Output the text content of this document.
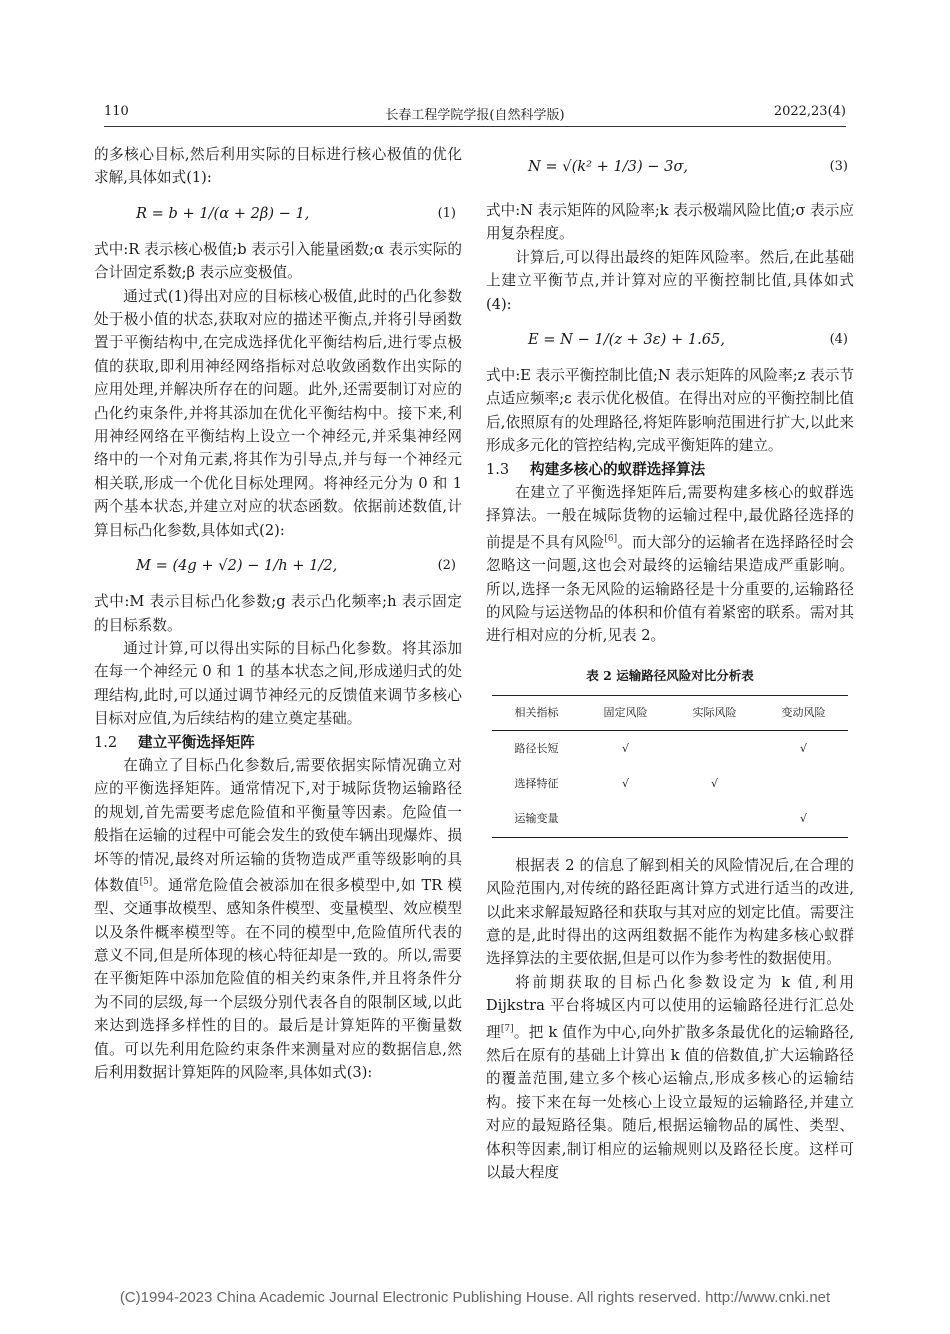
110	长春工程学院学报(自然科学版)	2022,23(4)

的多核心目标,然后利用实际的目标进行核心极值的优化求解,具体如式(1):

R = b + 1/(α + 2β) − 1,	(1)

式中:R 表示核心极值;b 表示引入能量函数;α 表示实际的合计固定系数;β 表示应变极值。

通过式(1)得出对应的目标核心极值,此时的凸化参数处于极小值的状态,获取对应的描述平衡点,并将引导函数置于平衡结构中,在完成选择优化平衡结构后,进行零点极值的获取,即利用神经网络指标对总收敛函数作出实际的应用处理,并解决所存在的问题。此外,还需要制订对应的凸化约束条件,并将其添加在优化平衡结构中。接下来,利用神经网络在平衡结构上设立一个神经元,并采集神经网络中的一个对角元素,将其作为引导点,并与每一个神经元相关联,形成一个优化目标处理网。将神经元分为 0 和 1 两个基本状态,并建立对应的状态函数。依据前述数值,计算目标凸化参数,具体如式(2):

M = (4g + √2) − 1/h + 1/2,	(2)

式中:M 表示目标凸化参数;g 表示凸化频率;h 表示固定的目标系数。

通过计算,可以得出实际的目标凸化参数。将其添加在每一个神经元 0 和 1 的基本状态之间,形成递归式的处理结构,此时,可以通过调节神经元的反馈值来调节多核心目标对应值,为后续结构的建立奠定基础。

1.2 建立平衡选择矩阵

在确立了目标凸化参数后,需要依据实际情况确立对应的平衡选择矩阵。通常情况下,对于城际货物运输路径的规划,首先需要考虑危险值和平衡量等因素。危险值一般指在运输的过程中可能会发生的致使车辆出现爆炸、损坏等的情况,最终对所运输的货物造成严重等级影响的具体数值[5]。通常危险值会被添加在很多模型中,如 TR 模型、交通事故模型、感知条件模型、变量模型、效应模型以及条件概率模型等。在不同的模型中,危险值所代表的意义不同,但是所体现的核心特征却是一致的。所以,需要在平衡矩阵中添加危险值的相关约束条件,并且将条件分为不同的层级,每一个层级分别代表各自的限制区域,以此来达到选择多样性的目的。最后是计算矩阵的平衡量数值。可以先利用危险约束条件来测量对应的数据信息,然后利用数据计算矩阵的风险率,具体如式(3):

N = √(k² + 1/3) − 3σ,	(3)

式中:N 表示矩阵的风险率;k 表示极端风险比值;σ 表示应用复杂程度。

计算后,可以得出最终的矩阵风险率。然后,在此基础上建立平衡节点,并计算对应的平衡控制比值,具体如式(4):

E = N − 1/(z + 3ε) + 1.65,	(4)

式中:E 表示平衡控制比值;N 表示矩阵的风险率;z 表示节点适应频率;ε 表示优化极值。在得出对应的平衡控制比值后,依照原有的处理路径,将矩阵影响范围进行扩大,以此来形成多元化的管控结构,完成平衡矩阵的建立。

1.3 构建多核心的蚁群选择算法

在建立了平衡选择矩阵后,需要构建多核心的蚁群选择算法。一般在城际货物的运输过程中,最优路径选择的前提是不具有风险[6]。而大部分的运输者在选择路径时会忽略这一问题,这也会对最终的运输结果造成严重影响。所以,选择一条无风险的运输路径是十分重要的,运输路径的风险与运送物品的体积和价值有着紧密的联系。需对其进行相对应的分析,见表 2。

表 2 运输路径风险对比分析表
相关指标	固定风险	实际风险	变动风险
路径长短	√		√
选择特征	√	√	
运输变量			√

根据表 2 的信息了解到相关的风险情况后,在合理的风险范围内,对传统的路径距离计算方式进行适当的改进,以此来求解最短路径和获取与其对应的划定比值。需要注意的是,此时得出的这两组数据不能作为构建多核心蚁群选择算法的主要依据,但是可以作为参考性的数据使用。

将前期获取的目标凸化参数设定为 k 值,利用 Dijkstra 平台将城区内可以使用的运输路径进行汇总处理[7]。把 k 值作为中心,向外扩散多条最优化的运输路径,然后在原有的基础上计算出 k 值的倍数值,扩大运输路径的覆盖范围,建立多个核心运输点,形成多核心的运输结构。接下来在每一处核心上设立最短的运输路径,并建立对应的最短路径集。随后,根据运输物品的属性、类型、体积等因素,制订相应的运输规则以及路径长度。这样可以最大程度

(C)1994-2023 China Academic Journal Electronic Publishing House. All rights reserved. http://www.cnki.net
